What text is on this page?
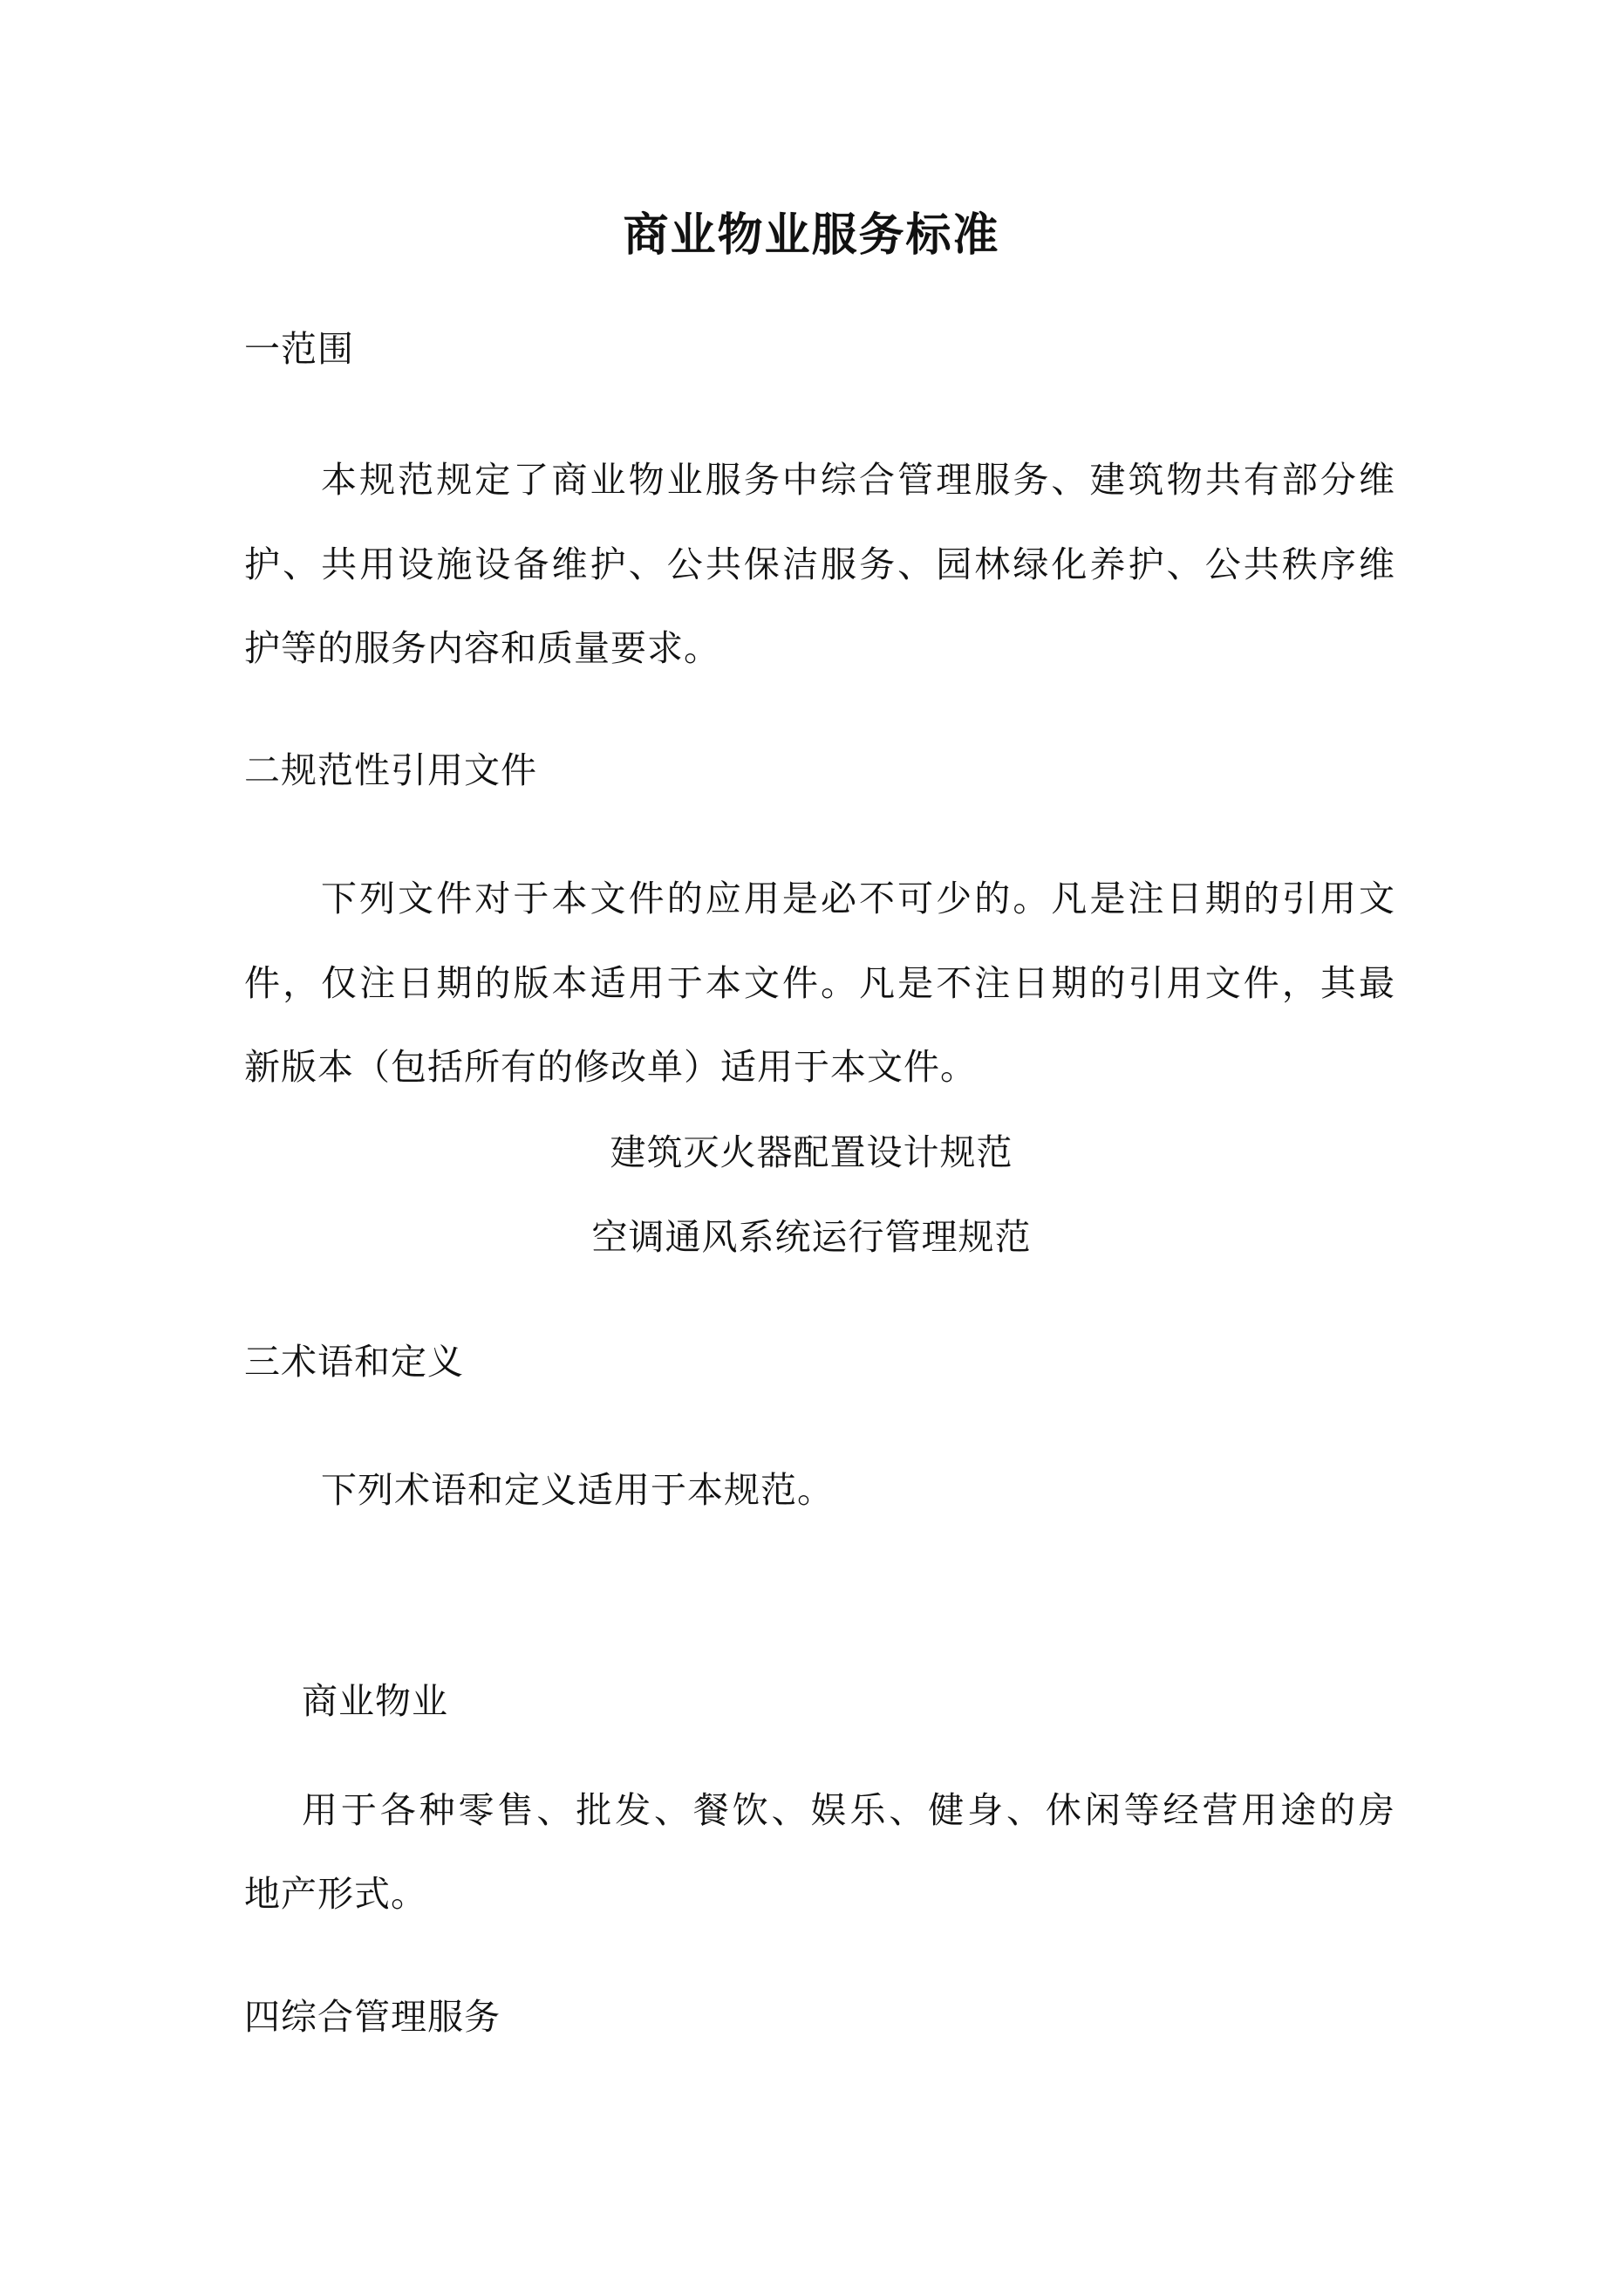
商业物业服务标准

一范围

本规范规定了商业物业服务中综合管理服务、建筑物共有部分维

护、共用设施设备维护、公共保洁服务、园林绿化养护、公共秩序维

护等的服务内容和质量要求。

二规范性引用文件

下列文件对于本文件的应用是必不可少的。凡是注日期的引用文

件，仅注日期的版本适用于本文件。凡是不注日期的引用文件，其最

新版本（包括所有的修改单）适用于本文件。

建筑灭火器配置设计规范

空调通风系统运行管理规范

三术语和定义

下列术语和定义适用于本规范。

商业物业

用于各种零售、批发、餐饮、娱乐、健身、休闲等经营用途的房

地产形式。

四综合管理服务
